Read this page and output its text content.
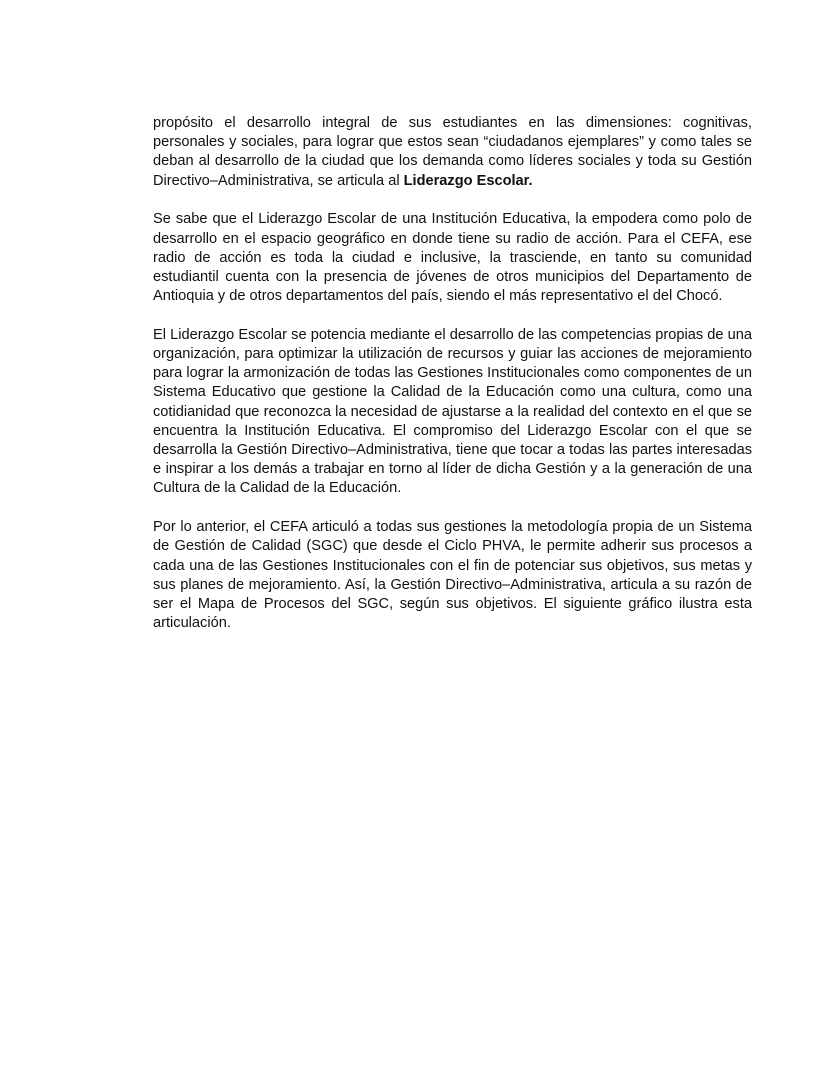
propósito el desarrollo integral de sus estudiantes en las dimensiones: cognitivas, personales y sociales, para lograr que estos sean “ciudadanos ejemplares” y como tales se deban al desarrollo de la ciudad que los demanda como líderes sociales y toda su Gestión Directivo–Administrativa, se articula al Liderazgo Escolar.

Se sabe que el Liderazgo Escolar de una Institución Educativa, la empodera como polo de desarrollo en el espacio geográfico en donde tiene su radio de acción. Para el CEFA, ese radio de acción es toda la ciudad e inclusive, la trasciende, en tanto su comunidad estudiantil cuenta con la presencia de jóvenes de otros municipios del Departamento de Antioquia y de otros departamentos del país, siendo el más representativo el del Chocó.

El Liderazgo Escolar se potencia mediante el desarrollo de las competencias propias de una organización, para optimizar la utilización de recursos y guiar las acciones de mejoramiento para lograr la armonización de todas las Gestiones Institucionales como componentes de un Sistema Educativo que gestione la Calidad de la Educación como una cultura, como una cotidianidad que reconozca la necesidad de ajustarse a la realidad del contexto en el que se encuentra la Institución Educativa. El compromiso del Liderazgo Escolar con el que se desarrolla la Gestión Directivo–Administrativa, tiene que tocar a todas las partes interesadas e inspirar a los demás a trabajar en torno al líder de dicha Gestión y a la generación de una Cultura de la Calidad de la Educación.

Por lo anterior, el CEFA articuló a todas sus gestiones la metodología propia de un Sistema de Gestión de Calidad (SGC) que desde el Ciclo PHVA, le permite adherir sus procesos a cada una de las Gestiones Institucionales con el fin de potenciar sus objetivos, sus metas y sus planes de mejoramiento. Así, la Gestión Directivo–Administrativa, articula a su razón de ser el Mapa de Procesos del SGC, según sus objetivos. El siguiente gráfico ilustra esta articulación.
